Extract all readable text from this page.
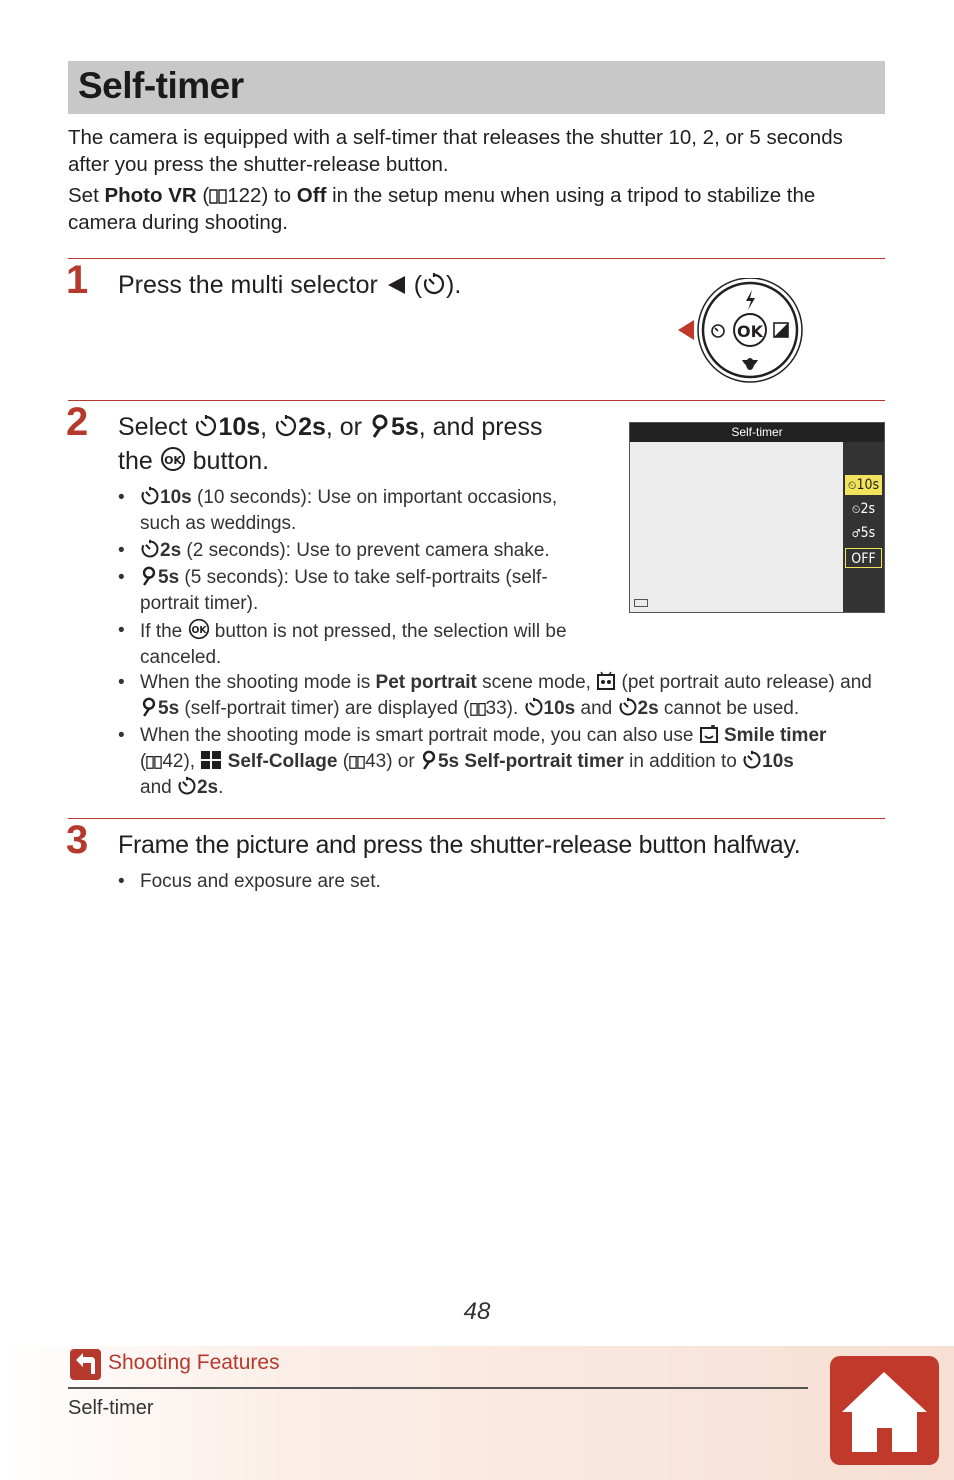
Self-timer
The camera is equipped with a self-timer that releases the shutter 10, 2, or 5 seconds after you press the shutter-release button.
Set Photo VR ( 122) to Off in the setup menu when using a tripod to stabilize the camera during shooting.
1 Press the multi selector  ( ).
OK
2 Select 10s, 2s, or 5s, and press
the OK button.
• 10s (10 seconds): Use on important occasions, such as weddings.
• 2s (2 seconds): Use to prevent camera shake.
• 5s (5 seconds): Use to take self-portraits (self-portrait timer).
• If the OK button is not pressed, the selection will be canceled.
• When the shooting mode is Pet portrait scene mode,  (pet portrait auto release) and 5s (self-portrait timer) are displayed ( 33). 10s and 2s cannot be used.
• When the shooting mode is smart portrait mode, you can also use  Smile timer
( 42),  Self-Collage ( 43) or 5s Self-portrait timer in addition to 10s
and 2s.
Self-timer
⏲10s
⏲2s
♂5s
OFF
3 Frame the picture and press the shutter-release button halfway.
• Focus and exposure are set.
48
Shooting Features
Self-timer
